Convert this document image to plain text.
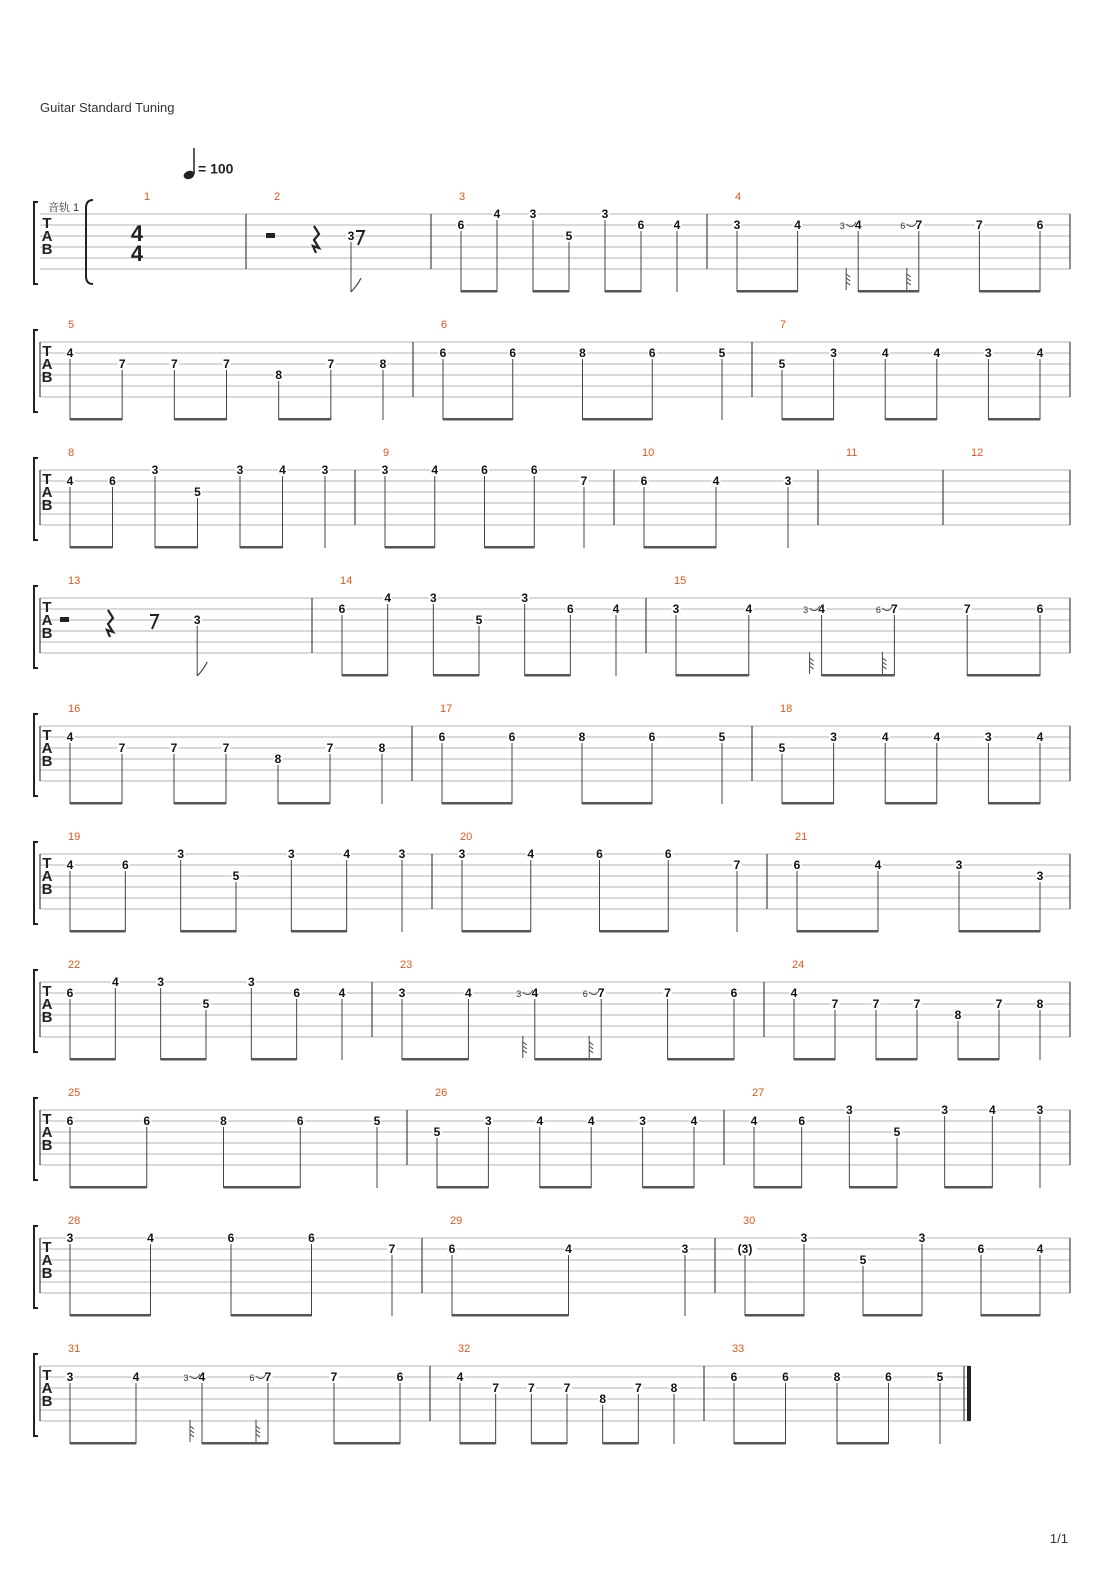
Guitar Standard Tuning
= 100
T
A
B
音轨 1
4
4
1	2
3
3
6
4 3
5
3
6 4
4
3	4	4
3	7
6	7	6
T
A
B
5
4
7	7	7
8
7	8
6
6	6	8	6	5
7
5
3	4	4	3	4
T
A
B
8
4	6
3
5
3	4	3
9
3	4	6	6
7
10
6	4	3
11	12
T
A
B
13
3
14
6
4	3
5
3
6	4
15
3	4	4
3	7
6	7	6
T
A
B
16
4
7	7	7
8
7	8
17
6	6	8	6	5
18
5
3	4	4	3	4
T
A
B
19
4	6
3
5
3	4	3
20
3	4	6	6
7
21
6	4	3
3
T
A
B
22
6
4	3
5
3
6	4
23
3	4	4
3	7
6	7	6
24
4
7	7	7
8
7	8
T
A
B
25
6	6	8	6	5
26
5
3	4	4	3	4
27
4	6
3
5
3	4	3
T
A
B
28
3	4	6	6
7
29
6	4	3
30
(3)
3
5
3
6	4
T
A
B
31
3	4	4
3	7
6	7	6
32
4
7 7 7
8
7 8
33
6	6	8	6	5
1/1
